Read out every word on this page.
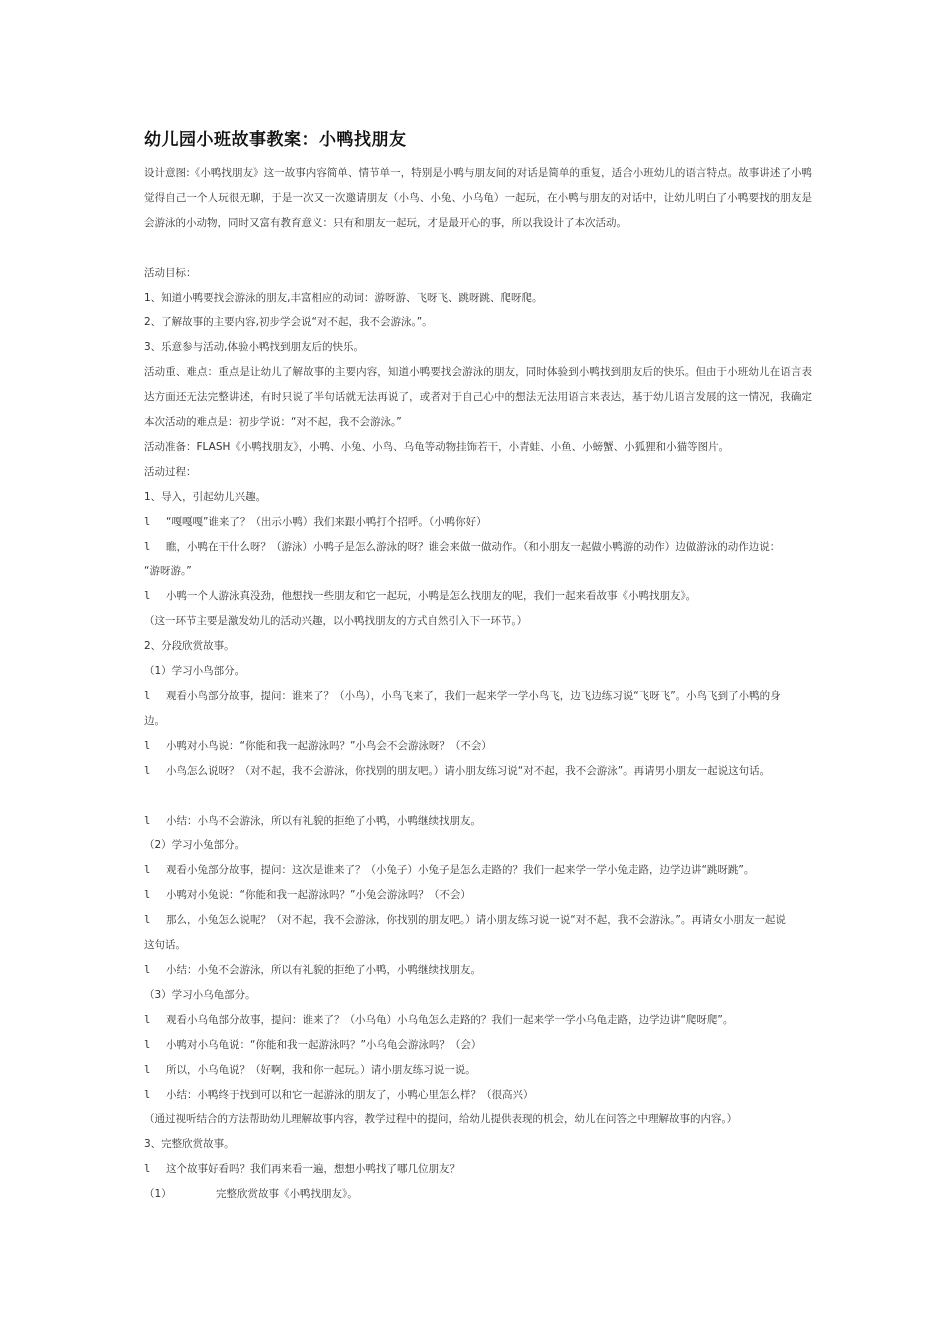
幼儿园小班故事教案：小鸭找朋友

设计意图:《小鸭找朋友》这一故事内容简单、情节单一，特别是小鸭与朋友间的对话是简单的重复，适合小班幼儿的语言特点。故事讲述了小鸭觉得自己一个人玩很无聊，于是一次又一次邀请朋友（小鸟、小兔、小乌龟）一起玩，在小鸭与朋友的对话中，让幼儿明白了小鸭要找的朋友是会游泳的小动物，同时又富有教育意义：只有和朋友一起玩，才是最开心的事，所以我设计了本次活动。

活动目标：

1、知道小鸭要找会游泳的朋友,丰富相应的动词：游呀游、飞呀飞、跳呀跳、爬呀爬。

2、了解故事的主要内容,初步学会说“对不起，我不会游泳。”。

3、乐意参与活动,体验小鸭找到朋友后的快乐。

活动重、难点：重点是让幼儿了解故事的主要内容，知道小鸭要找会游泳的朋友，同时体验到小鸭找到朋友后的快乐。但由于小班幼儿在语言表达方面还无法完整讲述，有时只说了半句话就无法再说了，或者对于自己心中的想法无法用语言来表达，基于幼儿语言发展的这一情况，我确定本次活动的难点是：初步学说：“对不起，我不会游泳。”

活动准备：FLASH《小鸭找朋友》，小鸭、小兔、小鸟、乌龟等动物挂饰若干，小青蛙、小鱼、小螃蟹、小狐狸和小猫等图片。

活动过程：

1、导入，引起幼儿兴趣。

l “嘎嘎嘎”谁来了？（出示小鸭）我们来跟小鸭打个招呼。（小鸭你好）
l 瞧，小鸭在干什么呀？（游泳）小鸭子是怎么游泳的呀？谁会来做一做动作。（和小朋友一起做小鸭游的动作）边做游泳的动作边说：

“游呀游。”

l 小鸭一个人游泳真没劲，他想找一些朋友和它一起玩，小鸭是怎么找朋友的呢，我们一起来看故事《小鸭找朋友》。

（这一环节主要是激发幼儿的活动兴趣，以小鸭找朋友的方式自然引入下一环节。）

2、分段欣赏故事。

（1）学习小鸟部分。

l 观看小鸟部分故事，提问：谁来了？（小鸟），小鸟飞来了，我们一起来学一学小鸟飞，边飞边练习说“飞呀飞”。小鸟飞到了小鸭的身

边。

l 小鸭对小鸟说：“你能和我一起游泳吗？”小鸟会不会游泳呀？（不会）
l 小鸟怎么说呀？（对不起，我不会游泳，你找别的朋友吧。）请小朋友练习说“对不起，我不会游泳”。再请男小朋友一起说这句话。
l 小结：小鸟不会游泳，所以有礼貌的拒绝了小鸭，小鸭继续找朋友。

（2）学习小兔部分。

l 观看小兔部分故事，提问：这次是谁来了？（小兔子）小兔子是怎么走路的？我们一起来学一学小兔走路，边学边讲“跳呀跳”。
l 小鸭对小兔说：“你能和我一起游泳吗？”小兔会游泳吗？（不会）
l 那么，小兔怎么说呢？（对不起，我不会游泳，你找别的朋友吧。）请小朋友练习说一说“对不起，我不会游泳。”。再请女小朋友一起说

这句话。

l 小结：小兔不会游泳，所以有礼貌的拒绝了小鸭，小鸭继续找朋友。

（3）学习小乌龟部分。

l 观看小乌龟部分故事，提问：谁来了？（小乌龟）小乌龟怎么走路的？我们一起来学一学小乌龟走路，边学边讲“爬呀爬”。
l 小鸭对小乌龟说：“你能和我一起游泳吗？”小乌龟会游泳吗？（会）
l 所以，小乌龟说？（好啊，我和你一起玩。）请小朋友练习说一说。
l 小结：小鸭终于找到可以和它一起游泳的朋友了，小鸭心里怎么样？（很高兴）

（通过视听结合的方法帮助幼儿理解故事内容，教学过程中的提问，给幼儿提供表现的机会，幼儿在问答之中理解故事的内容。）

3、完整欣赏故事。

l 这个故事好看吗？我们再来看一遍，想想小鸭找了哪几位朋友？
（1）	完整欣赏故事《小鸭找朋友》。
